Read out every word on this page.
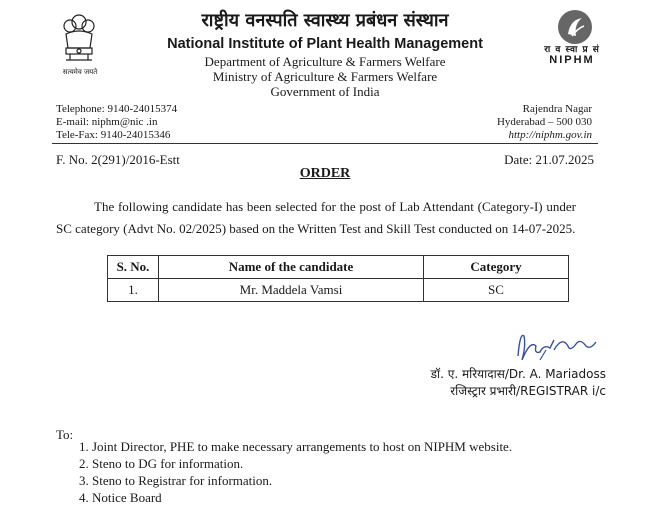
सत्यमेव जयते
राष्ट्रीय वनस्पति स्वास्थ्य प्रबंधन संस्थान
National Institute of Plant Health Management
Department of Agriculture & Farmers Welfare
Ministry of Agriculture & Farmers Welfare
Government of India
रा व स्वा प्र सं
NIPHM
Telephone: 9140-24015374
E-mail: niphm@nic .in
Tele-Fax: 9140-24015346
Rajendra Nagar
Hyderabad – 500 030
http://niphm.gov.in
F. No. 2(291)/2016-Estt	Date: 21.07.2025
ORDER
The following candidate has been selected for the post of Lab Attendant (Category-I) under SC category (Advt No. 02/2025) based on the Written Test and Skill Test conducted on 14-07-2025.
S. No.	Name of the candidate	Category
1.	Mr. Maddela Vamsi	SC
डॉ. ए. मरियादास/Dr. A. Mariadoss
रजिस्ट्रार प्रभारी/REGISTRAR i/c
To:
1. Joint Director, PHE to make necessary arrangements to host on NIPHM website.
2. Steno to DG for information.
3. Steno to Registrar for information.
4. Notice Board
